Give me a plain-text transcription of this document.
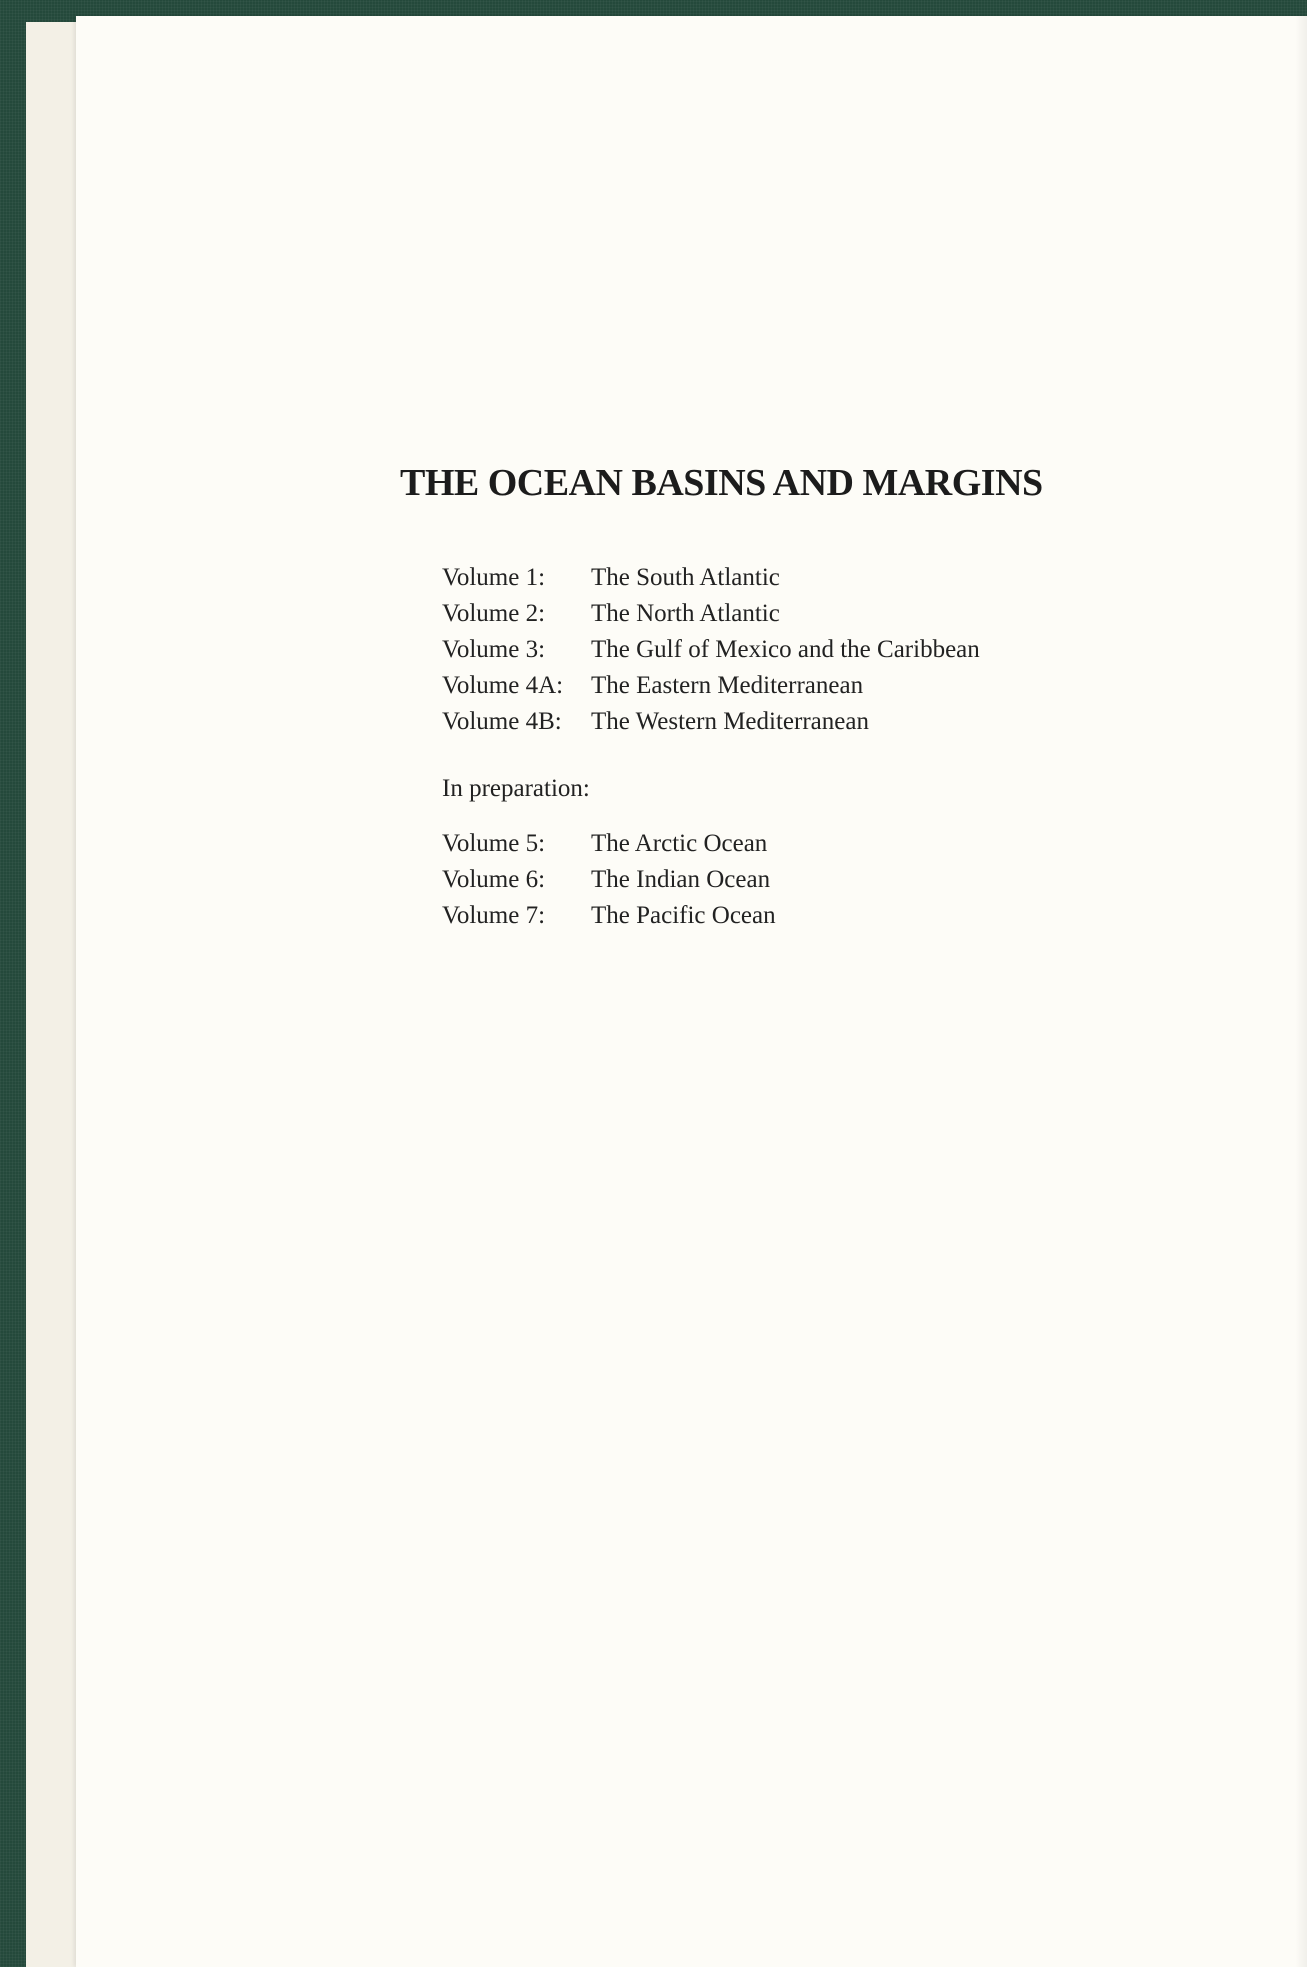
THE OCEAN BASINS AND MARGINS
Volume 1:	The South Atlantic
Volume 2:	The North Atlantic
Volume 3:	The Gulf of Mexico and the Caribbean
Volume 4A:	The Eastern Mediterranean
Volume 4B:	The Western Mediterranean
In preparation:
Volume 5:	The Arctic Ocean
Volume 6:	The Indian Ocean
Volume 7:	The Pacific Ocean
